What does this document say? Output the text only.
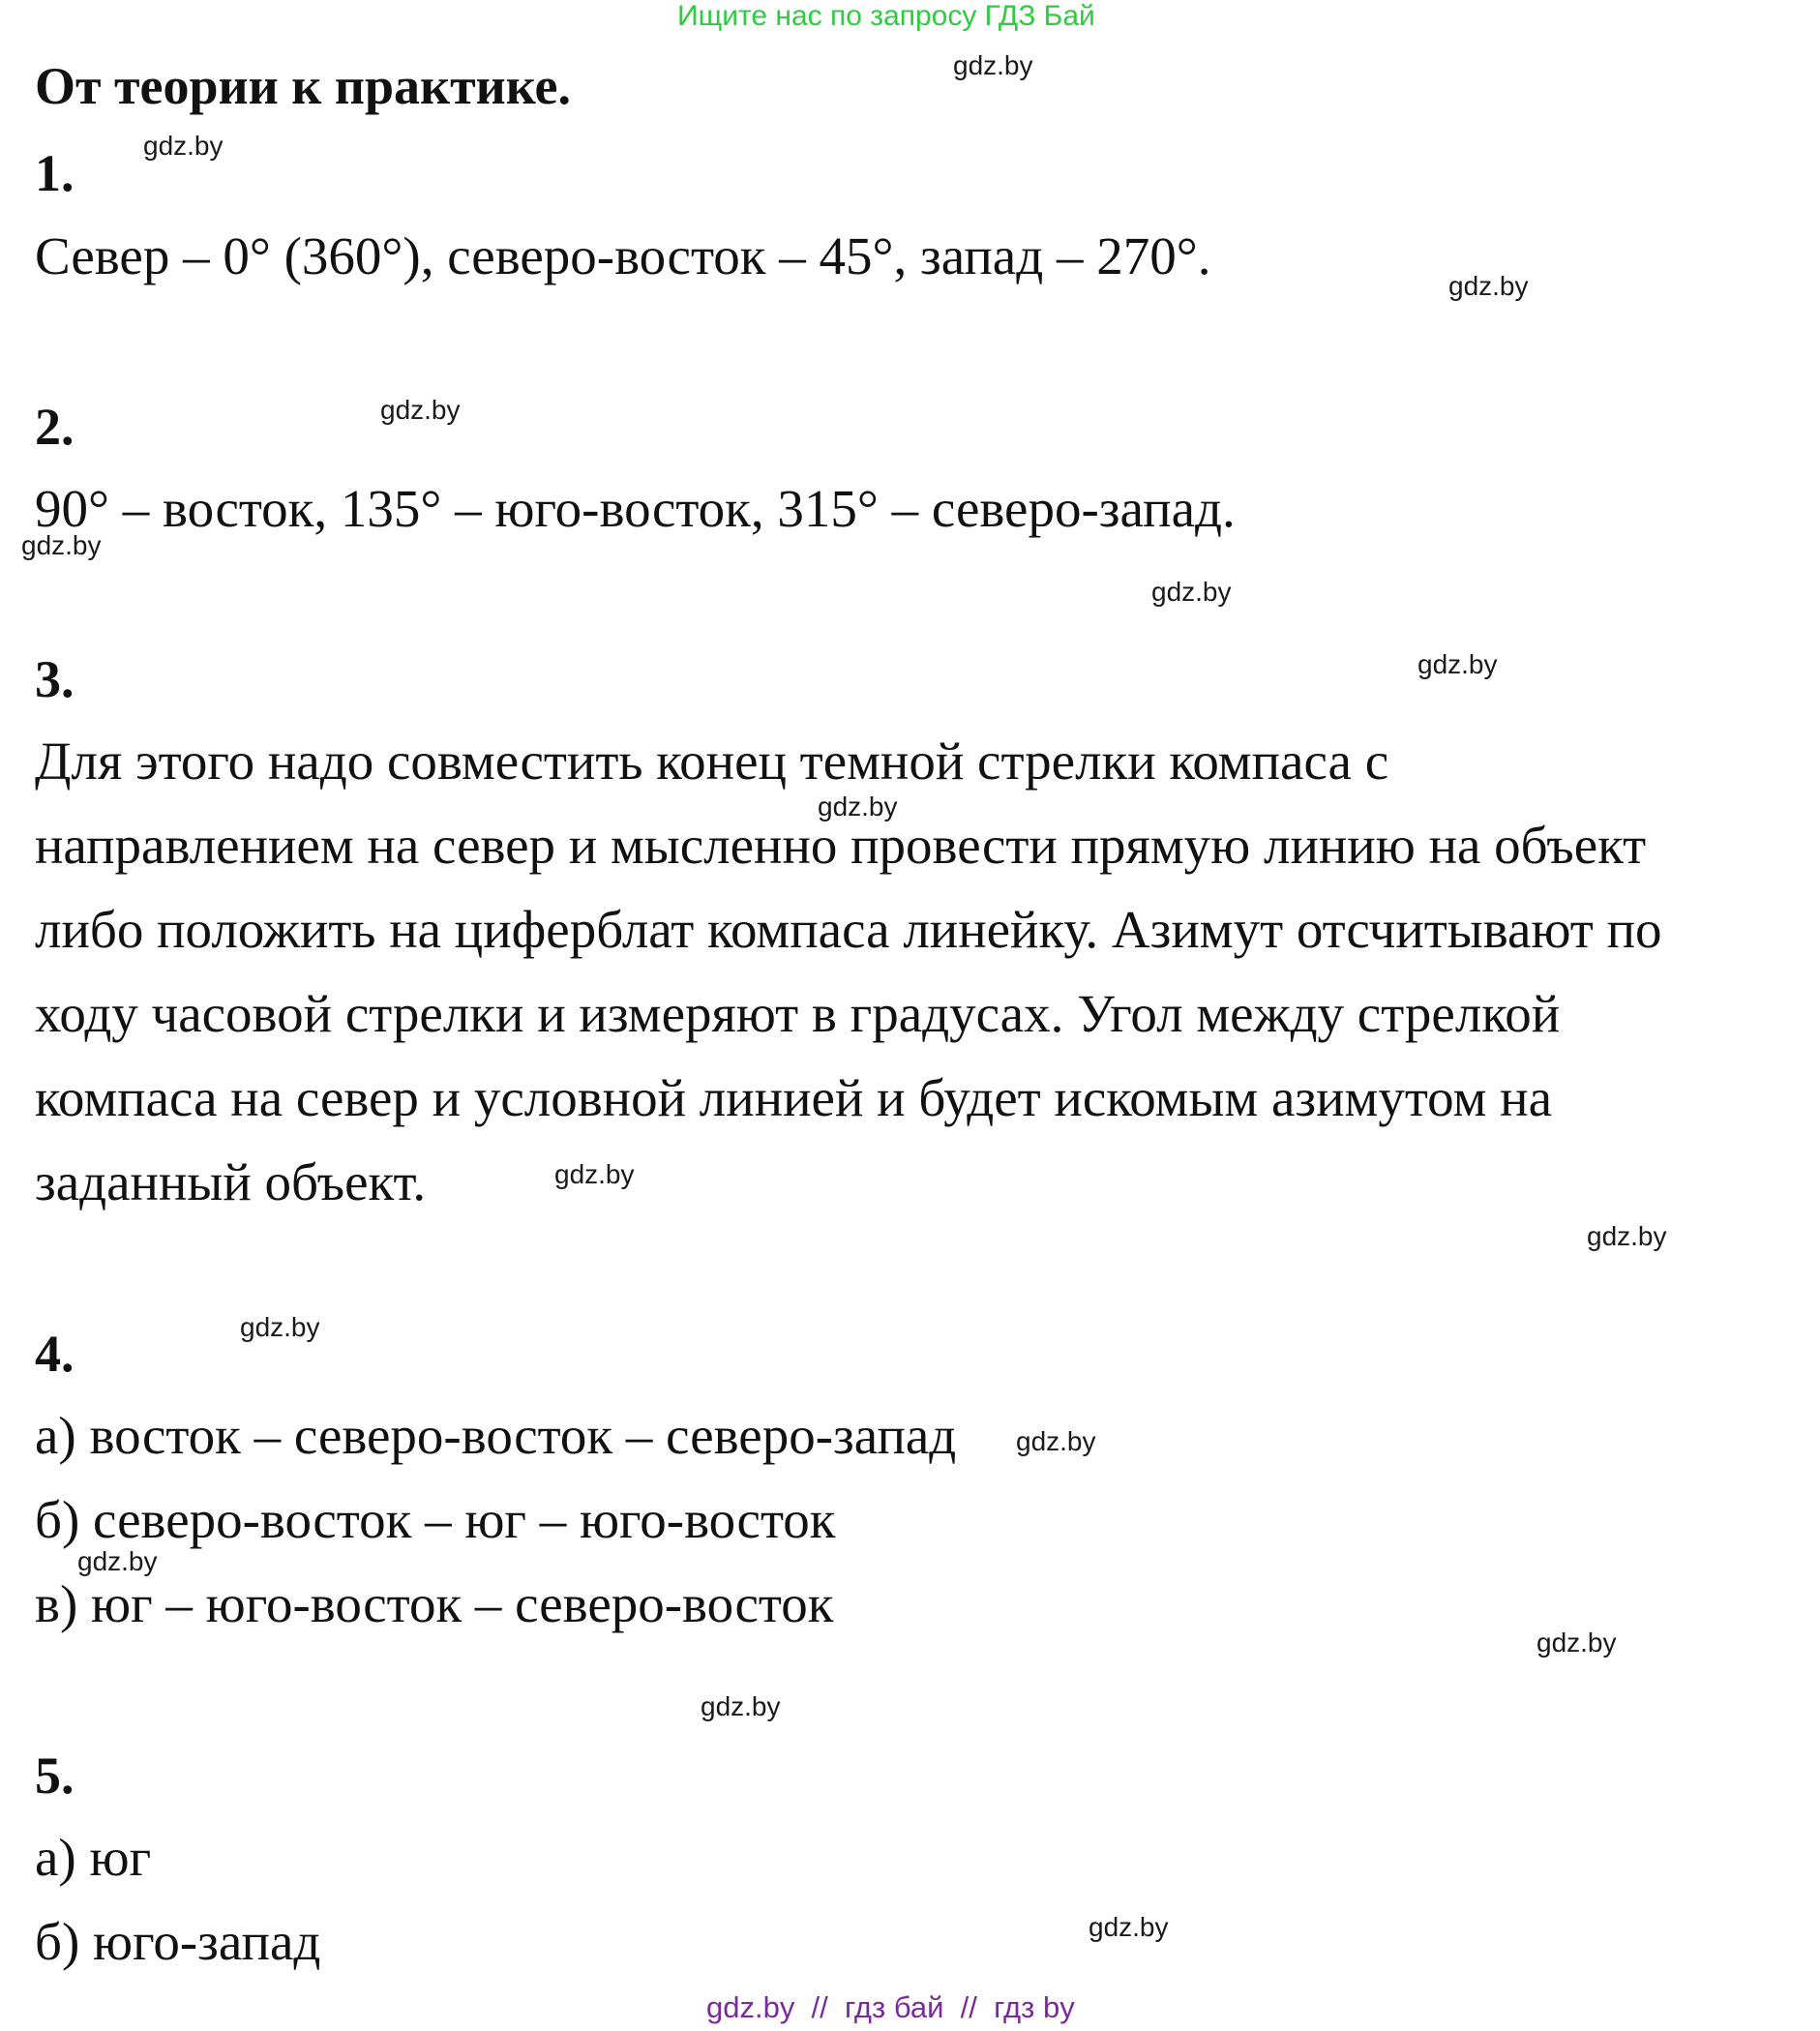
Ищите нас по запросу ГДЗ Бай
От теории к практике.
1.
Север – 0° (360°), северо-восток – 45°, запад – 270°.
2.
90° – восток, 135° – юго-восток, 315° – северо-запад.
3.
Для этого надо совместить конец темной стрелки компаса с
направлением на север и мысленно провести прямую линию на объект
либо положить на циферблат компаса линейку. Азимут отсчитывают по
ходу часовой стрелки и измеряют в градусах. Угол между стрелкой
компаса на север и условной линией и будет искомым азимутом на
заданный объект.
4.
а) восток – северо-восток – северо-запад
б) северо-восток – юг – юго-восток
в) юг – юго-восток – северо-восток
5.
а) юг
б) юго-запад
gdz.by
gdz.by
gdz.by
gdz.by
gdz.by
gdz.by
gdz.by
gdz.by
gdz.by
gdz.by
gdz.by
gdz.by
gdz.by
gdz.by
gdz.by
gdz.by
gdz.by  //  гдз бай  //  гдз by
